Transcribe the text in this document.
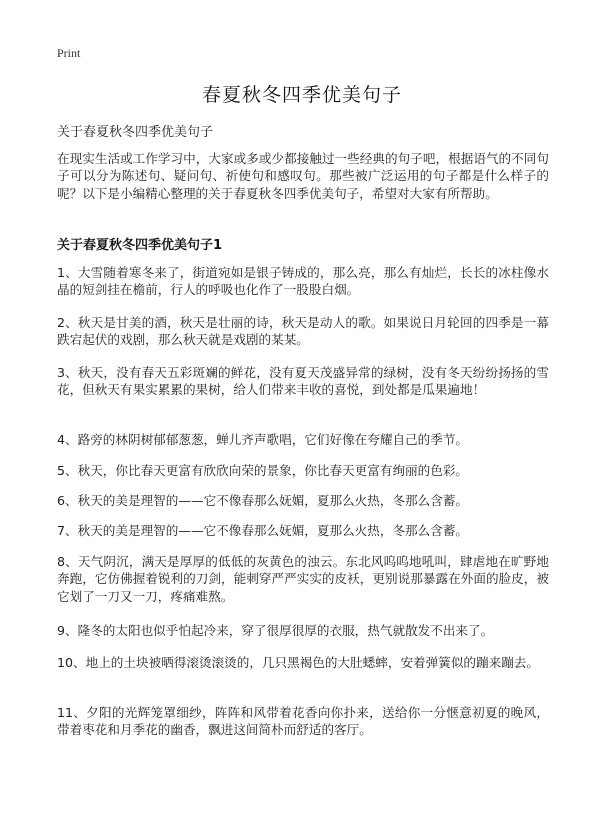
Print
春夏秋冬四季优美句子
关于春夏秋冬四季优美句子

在现实生活或工作学习中，大家或多或少都接触过一些经典的句子吧，根据语气的不同句子可以分为陈述句、疑问句、祈使句和感叹句。那些被广泛运用的句子都是什么样子的呢？以下是小编精心整理的关于春夏秋冬四季优美句子，希望对大家有所帮助。

关于春夏秋冬四季优美句子1

1、大雪随着寒冬来了，街道宛如是银子铸成的，那么亮，那么有灿烂，长长的冰柱像水晶的短剑挂在檐前，行人的呼吸也化作了一股股白烟。

2、秋天是甘美的酒，秋天是壮丽的诗，秋天是动人的歌。如果说日月轮回的四季是一幕跌宕起伏的戏剧，那么秋天就是戏剧的某某。

3、秋天，没有春天五彩斑斓的鲜花，没有夏天茂盛异常的绿树，没有冬天纷纷扬扬的雪花，但秋天有果实累累的果树，给人们带来丰收的喜悦，到处都是瓜果遍地！

4、路旁的林阴树郁郁葱葱，蝉儿齐声歌唱，它们好像在夸耀自己的季节。

5、秋天，你比春天更富有欣欣向荣的景象，你比春天更富有绚丽的色彩。

6、秋天的美是理智的——它不像春那么妩媚，夏那么火热，冬那么含蓄。

7、秋天的美是理智的——它不像春那么妩媚，夏那么火热，冬那么含蓄。

8、天气阴沉，满天是厚厚的低低的灰黄色的浊云。东北风呜呜地吼叫，肆虐地在旷野地奔跑，它仿佛握着锐利的刀剑，能刺穿严严实实的皮袄，更别说那暴露在外面的脸皮，被它划了一刀又一刀，疼痛难熬。

9、隆冬的太阳也似乎怕起冷来，穿了很厚很厚的衣服，热气就散发不出来了。

10、地上的土块被晒得滚烫滚烫的，几只黑褐色的大肚蟋蟀，安着弹簧似的蹦来蹦去。

11、夕阳的光辉笼罩细纱，阵阵和风带着花香向你扑来，送给你一分惬意初夏的晚风，带着枣花和月季花的幽香，飘进这间简朴而舒适的客厅。
